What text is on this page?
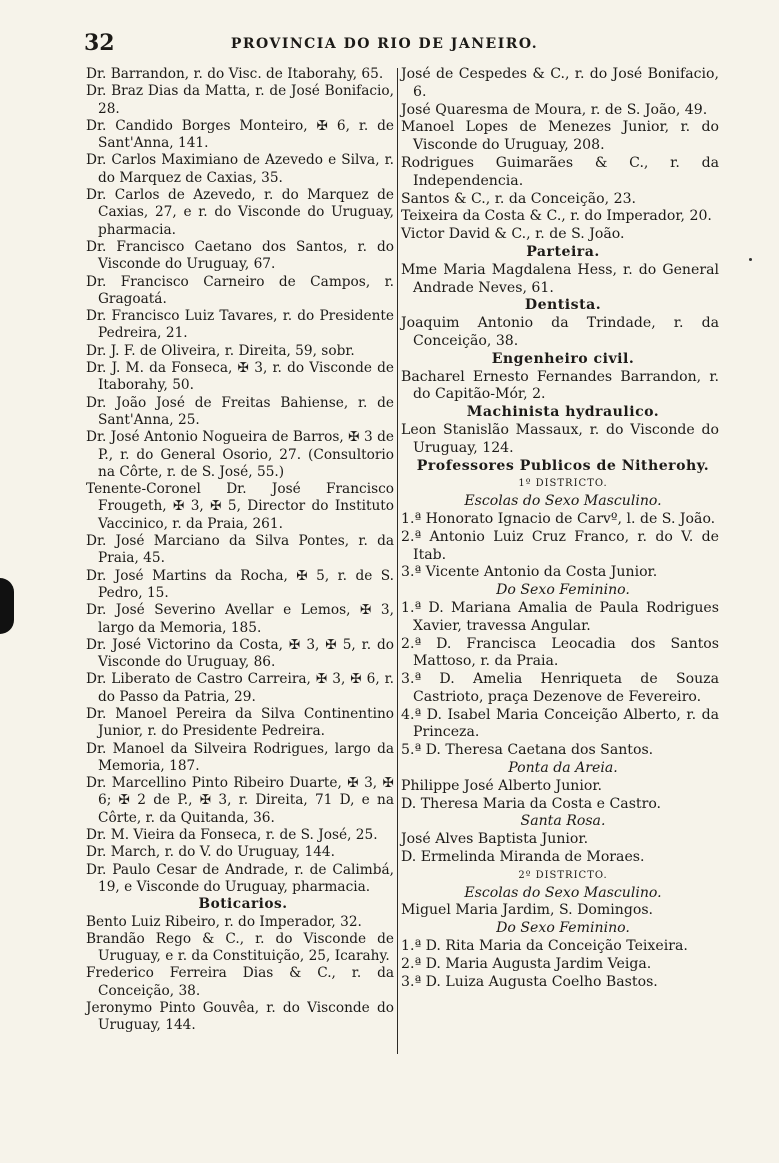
32	PROVINCIA DO RIO DE JANEIRO.
Dr. Barrandon, r. do Visc. de Itaborahy, 65.
Dr. Braz Dias da Matta, r. de José Bonifacio, 28.
Dr. Candido Borges Monteiro, ✠ 6, r. de Sant'Anna, 141.
Dr. Carlos Maximiano de Azevedo e Silva, r. do Marquez de Caxias, 35.
Dr. Carlos de Azevedo, r. do Marquez de Caxias, 27, e r. do Visconde do Uruguay, pharmacia.
Dr. Francisco Caetano dos Santos, r. do Visconde do Uruguay, 67.
Dr. Francisco Carneiro de Campos, r. Gragoatá.
Dr. Francisco Luiz Tavares, r. do Presidente Pedreira, 21.
Dr. J. F. de Oliveira, r. Direita, 59, sobr.
Dr. J. M. da Fonseca, ✠ 3, r. do Visconde de Itaborahy, 50.
Dr. João José de Freitas Bahiense, r. de Sant'Anna, 25.
Dr. José Antonio Nogueira de Barros, ✠ 3 de P., r. do General Osorio, 27. (Consultorio na Côrte, r. de S. José, 55.)
Tenente-Coronel Dr. José Francisco Frougeth, ✠ 3, ✠ 5, Director do Instituto Vaccinico, r. da Praia, 261.
Dr. José Marciano da Silva Pontes, r. da Praia, 45.
Dr. José Martins da Rocha, ✠ 5, r. de S. Pedro, 15.
Dr. José Severino Avellar e Lemos, ✠ 3, largo da Memoria, 185.
Dr. José Victorino da Costa, ✠ 3, ✠ 5, r. do Visconde do Uruguay, 86.
Dr. Liberato de Castro Carreira, ✠ 3, ✠ 6, r. do Passo da Patria, 29.
Dr. Manoel Pereira da Silva Continentino Junior, r. do Presidente Pedreira.
Dr. Manoel da Silveira Rodrigues, largo da Memoria, 187.
Dr. Marcellino Pinto Ribeiro Duarte, ✠ 3, ✠ 6; ✠ 2 de P., ✠ 3, r. Direita, 71 D, e na Côrte, r. da Quitanda, 36.
Dr. M. Vieira da Fonseca, r. de S. José, 25.
Dr. March, r. do V. do Uruguay, 144.
Dr. Paulo Cesar de Andrade, r. de Calimbá, 19, e Visconde do Uruguay, pharmacia.
Boticarios.
Bento Luiz Ribeiro, r. do Imperador, 32.
Brandão Rego & C., r. do Visconde de Uruguay, e r. da Constituição, 25, Icarahy.
Frederico Ferreira Dias & C., r. da Conceição, 38.
Jeronymo Pinto Gouvêa, r. do Visconde do Uruguay, 144.
José de Cespedes & C., r. do José Bonifacio, 6.
José Quaresma de Moura, r. de S. João, 49.
Manoel Lopes de Menezes Junior, r. do Visconde do Uruguay, 208.
Rodrigues Guimarães & C., r. da Independencia.
Santos & C., r. da Conceição, 23.
Teixeira da Costa & C., r. do Imperador, 20.
Victor David & C., r. de S. João.
Parteira.
Mme Maria Magdalena Hess, r. do General Andrade Neves, 61.
Dentista.
Joaquim Antonio da Trindade, r. da Conceição, 38.
Engenheiro civil.
Bacharel Ernesto Fernandes Barrandon, r. do Capitão-Mór, 2.
Machinista hydraulico.
Leon Stanislão Massaux, r. do Visconde do Uruguay, 124.
Professores Publicos de Nitherohy.
1º DISTRICTO.
Escolas do Sexo Masculino.
1.ª Honorato Ignacio de Carvº, l. de S. João.
2.ª Antonio Luiz Cruz Franco, r. do V. de Itab.
3.ª Vicente Antonio da Costa Junior.
Do Sexo Feminino.
1.ª D. Mariana Amalia de Paula Rodrigues Xavier, travessa Angular.
2.ª D. Francisca Leocadia dos Santos Mattoso, r. da Praia.
3.ª D. Amelia Henriqueta de Souza Castrioto, praça Dezenove de Fevereiro.
4.ª D. Isabel Maria Conceição Alberto, r. da Princeza.
5.ª D. Theresa Caetana dos Santos.
Ponta da Areia.
Philippe José Alberto Junior.
D. Theresa Maria da Costa e Castro.
Santa Rosa.
José Alves Baptista Junior.
D. Ermelinda Miranda de Moraes.
2º DISTRICTO.
Escolas do Sexo Masculino.
Miguel Maria Jardim, S. Domingos.
Do Sexo Feminino.
1.ª D. Rita Maria da Conceição Teixeira.
2.ª D. Maria Augusta Jardim Veiga.
3.ª D. Luiza Augusta Coelho Bastos.
